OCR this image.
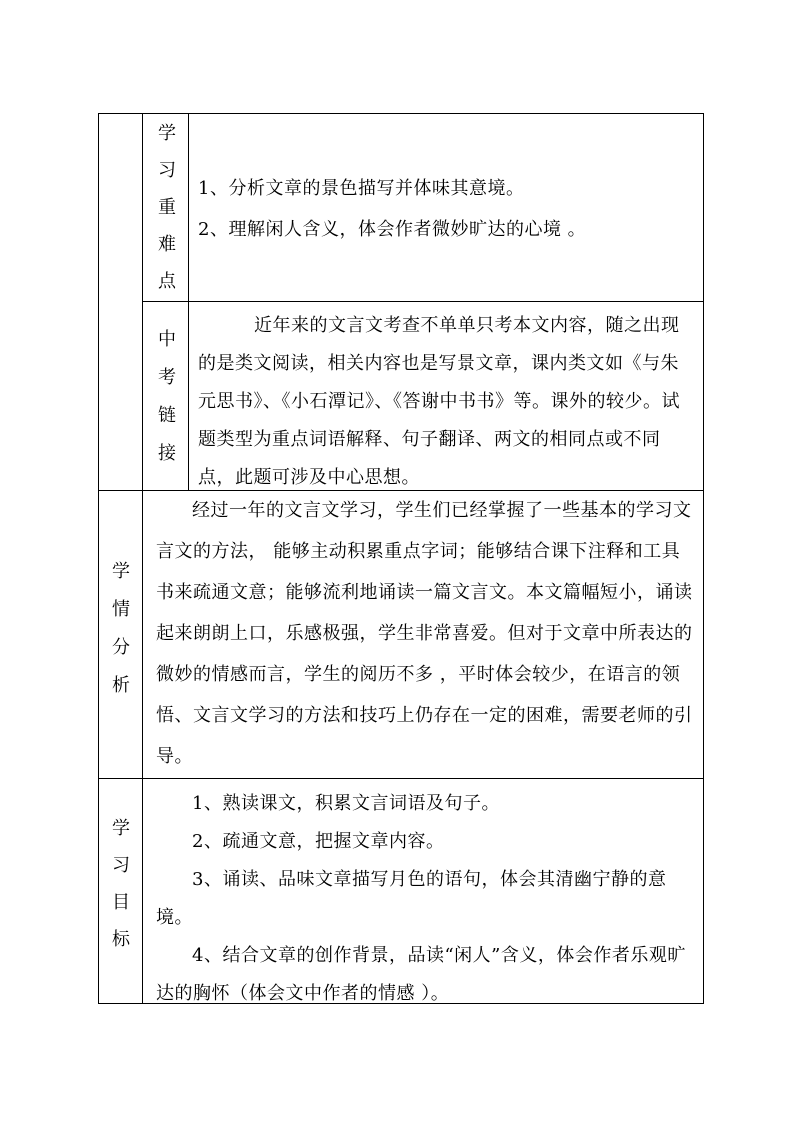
学
习
重
难
点

1、分析文章的景色描写并体味其意境。

2、理解闲人含义，体会作者微妙旷达的心境 。

中
考
链
接

近年来的文言文考查不单单只考本文内容，随之出现的是类文阅读，相关内容也是写景文章，课内类文如《与朱元思书》、《小石潭记》、《答谢中书书》等。课外的较少。试题类型为重点词语解释、句子翻译、两文的相同点或不同点，此题可涉及中心思想。

学
情
分
析

经过一年的文言文学习，学生们已经掌握了一些基本的学习文言文的方法， 能够主动积累重点字词；能够结合课下注释和工具书来疏通文意；能够流利地诵读一篇文言文。本文篇幅短小，诵读起来朗朗上口，乐感极强，学生非常喜爱。但对于文章中所表达的微妙的情感而言，学生的阅历不多 ，平时体会较少，在语言的领悟、文言文学习的方法和技巧上仍存在一定的困难，需要老师的引导。

学
习
目
标

1、熟读课文，积累文言词语及句子。

2、疏通文意，把握文章内容。

3、诵读、品味文章描写月色的语句，体会其清幽宁静的意境。

4、结合文章的创作背景，品读“闲人”含义，体会作者乐观旷达的胸怀（体会文中作者的情感 ）。
